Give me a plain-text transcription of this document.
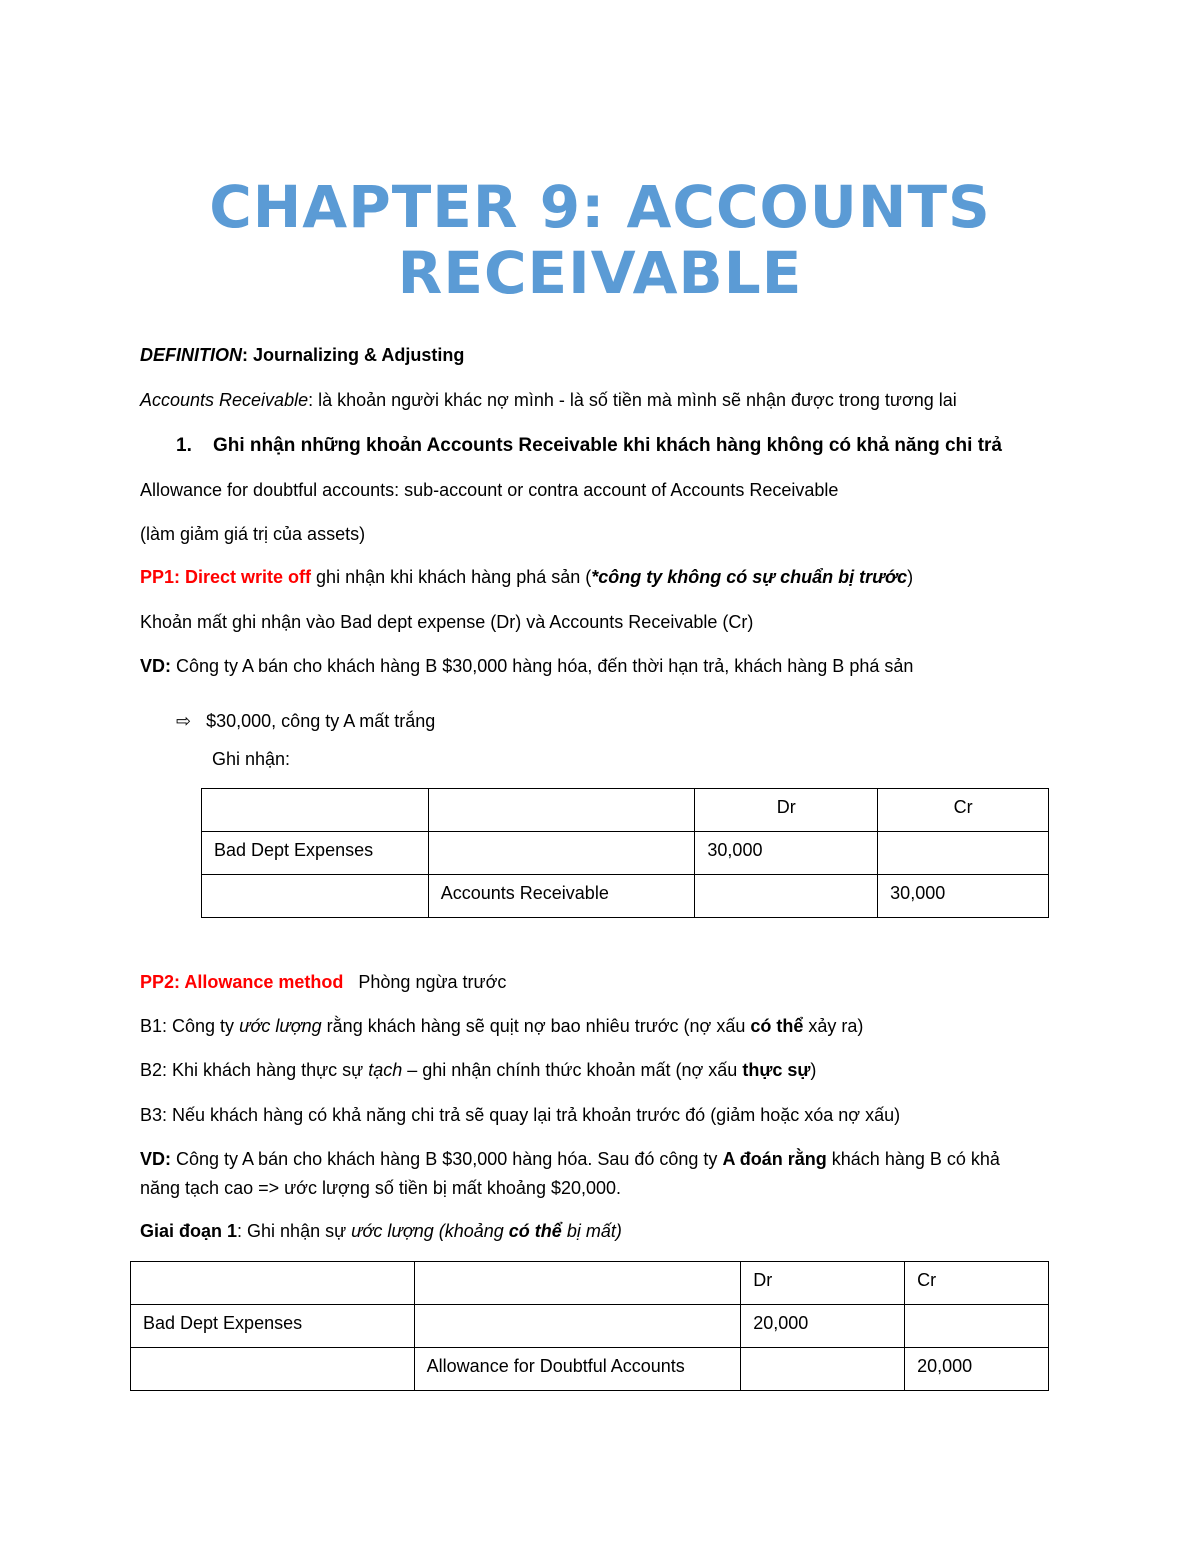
CHAPTER 9: ACCOUNTS
RECEIVABLE
DEFINITION: Journalizing & Adjusting
Accounts Receivable: là khoản người khác nợ mình - là số tiền mà mình sẽ nhận được trong tương lai
1. Ghi nhận những khoản Accounts Receivable khi khách hàng không có khả năng chi trả
Allowance for doubtful accounts: sub-account or contra account of Accounts Receivable
(làm giảm giá trị của assets)
PP1: Direct write off ghi nhận khi khách hàng phá sản (*công ty không có sự chuẩn bị trước)
Khoản mất ghi nhận vào Bad dept expense (Dr) và Accounts Receivable (Cr)
VD: Công ty A bán cho khách hàng B $30,000 hàng hóa, đến thời hạn trả, khách hàng B phá sản
⇨ $30,000, công ty A mất trắng
Ghi nhận:
		Dr	Cr
Bad Dept Expenses		30,000	
	Accounts Receivable		30,000
PP2: Allowance method Phòng ngừa trước
B1: Công ty ước lượng rằng khách hàng sẽ quịt nợ bao nhiêu trước (nợ xấu có thể xảy ra)
B2: Khi khách hàng thực sự tạch – ghi nhận chính thức khoản mất (nợ xấu thực sự)
B3: Nếu khách hàng có khả năng chi trả sẽ quay lại trả khoản trước đó (giảm hoặc xóa nợ xấu)
VD: Công ty A bán cho khách hàng B $30,000 hàng hóa. Sau đó công ty A đoán rằng khách hàng B có khả
năng tạch cao => ước lượng số tiền bị mất khoảng $20,000.
Giai đoạn 1: Ghi nhận sự ước lượng (khoảng có thể bị mất)
		Dr	Cr
Bad Dept Expenses		20,000	
	Allowance for Doubtful Accounts		20,000
